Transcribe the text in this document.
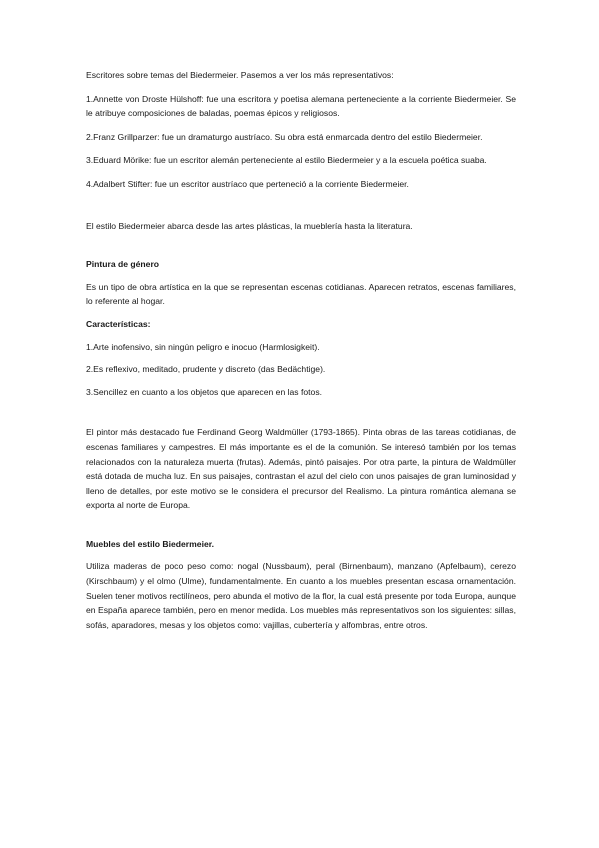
Escritores sobre temas del Biedermeier. Pasemos a ver los más representativos:

1.Annette von Droste Hülshoff: fue una escritora y poetisa alemana perteneciente a la corriente Biedermeier. Se le atribuye composiciones de baladas, poemas épicos y religiosos.

2.Franz Grillparzer: fue un dramaturgo austríaco. Su obra está enmarcada dentro del estilo Biedermeier.

3.Eduard Mörike: fue un escritor alemán perteneciente al estilo Biedermeier y a la escuela poética suaba.

4.Adalbert Stifter: fue un escritor austríaco que perteneció a la corriente Biedermeier.

El estilo Biedermeier abarca desde las artes plásticas, la mueblería hasta la literatura.

Pintura de género

Es un tipo de obra artística en la que se representan escenas cotidianas. Aparecen retratos, escenas familiares, lo referente al hogar.

Características:

1.Arte inofensivo, sin ningún peligro e inocuo (Harmlosigkeit).

2.Es reflexivo, meditado, prudente y discreto (das Bedächtige).

3.Sencillez en cuanto a los objetos que aparecen en las fotos.

El pintor más destacado fue Ferdinand Georg Waldmüller (1793-1865). Pinta obras de las tareas cotidianas, de escenas familiares y campestres. El más importante es el de la comunión. Se interesó también por los temas relacionados con la naturaleza muerta (frutas). Además, pintó paisajes. Por otra parte, la pintura de Waldmüller está dotada de mucha luz. En sus paisajes, contrastan el azul del cielo con unos paisajes de gran luminosidad y lleno de detalles, por este motivo se le considera el precursor del Realismo. La pintura romántica alemana se exporta al norte de Europa.

Muebles del estilo Biedermeier.

Utiliza maderas de poco peso como: nogal (Nussbaum), peral (Birnenbaum), manzano (Apfelbaum), cerezo (Kirschbaum) y el olmo (Ulme), fundamentalmente. En cuanto a los muebles presentan escasa ornamentación. Suelen tener motivos rectilíneos, pero abunda el motivo de la flor, la cual está presente por toda Europa, aunque en España aparece también, pero en menor medida. Los muebles más representativos son los siguientes: sillas, sofás, aparadores, mesas y los objetos como: vajillas, cubertería y alfombras, entre otros.
